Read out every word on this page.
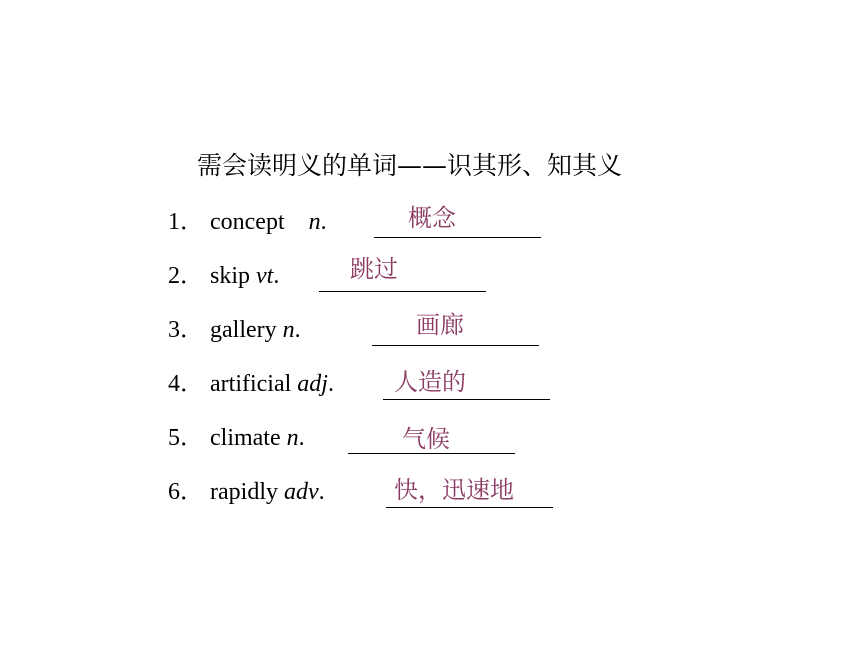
需会读明义的单词——识其形、知其义
1． concept n.	概念
2． skip vt.	跳过
3． gallery n.	画廊
4． artificial adj.	人造的
5． climate n.	气候
6． rapidly adv.	快，迅速地
